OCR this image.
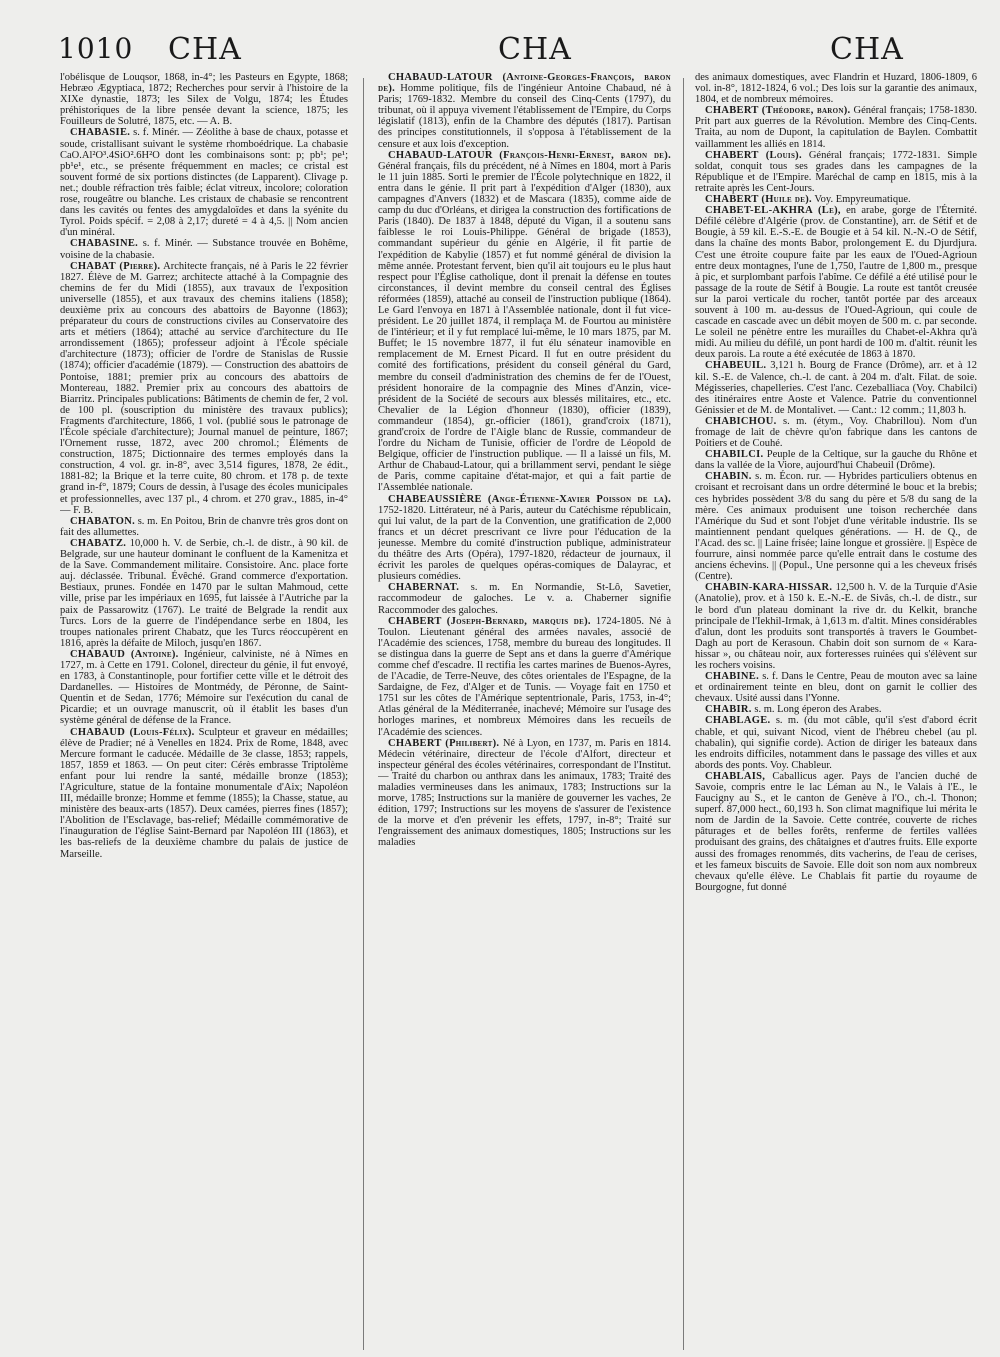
1010 CHA	CHA	CHA

l'obélisque de Louqsor, 1868, in-4°; les Pasteurs en Égypte, 1868; Hebræo Ægyptiaca, 1872; Recherches pour servir à l'histoire de la XIXe dynastie, 1873; les Silex de Volgu, 1874; les Études préhistoriques de la libre pensée devant la science, 1875; les Fouilleurs de Solutré, 1875, etc. — A. B.

CHABASIE. s. f. Minér. — Zéolithe à base de chaux, potasse et soude, cristallisant suivant le système rhomboédrique. La chabasie CaO.Al²O³.4SiO².6H²O dont les combinaisons sont: p; pb¹; pe¹; pb¹e¹, etc., se présente fréquemment en macles; ce cristal est souvent formé de six portions distinctes (de Lapparent). Clivage p. net.; double réfraction très faible; éclat vitreux, incolore; coloration rose, rougeâtre ou blanche. Les cristaux de chabasie se rencontrent dans les cavités ou fentes des amygdaloïdes et dans la syénite du Tyrol. Poids spécif. = 2,08 à 2,17; dureté = 4 à 4,5. || Nom ancien d'un minéral.

CHABASINE. s. f. Minér. — Substance trouvée en Bohême, voisine de la chabasie.

CHABAT (Pierre). Architecte français, né à Paris le 22 février 1827. Élève de M. Garrez; architecte attaché à la Compagnie des chemins de fer du Midi (1855), aux travaux de l'exposition universelle (1855), et aux travaux des chemins italiens (1858); deuxième prix au concours des abattoirs de Bayonne (1863); préparateur du cours de constructions civiles au Conservatoire des arts et métiers (1864); attaché au service d'architecture du IIe arrondissement (1865); professeur adjoint à l'École spéciale d'architecture (1873); officier de l'ordre de Stanislas de Russie (1874); officier d'académie (1879). — Construction des abattoirs de Pontoise, 1881; premier prix au concours des abattoirs de Montereau, 1882. Premier prix au concours des abattoirs de Biarritz. Principales publications: Bâtiments de chemin de fer, 2 vol. de 100 pl. (souscription du ministère des travaux publics); Fragments d'architecture, 1866, 1 vol. (publié sous le patronage de l'École spéciale d'architecture); Journal manuel de peinture, 1867; l'Ornement russe, 1872, avec 200 chromol.; Éléments de construction, 1875; Dictionnaire des termes employés dans la construction, 4 vol. gr. in-8°, avec 3,514 figures, 1878, 2e édit., 1881-82; la Brique et la terre cuite, 80 chrom. et 178 p. de texte grand in-f°, 1879; Cours de dessin, à l'usage des écoles municipales et professionnelles, avec 137 pl., 4 chrom. et 270 grav., 1885, in-4° — F. B.

CHABATON. s. m. En Poitou, Brin de chanvre très gros dont on fait des allumettes.

CHABATZ. 10,000 h. V. de Serbie, ch.-l. de distr., à 90 kil. de Belgrade, sur une hauteur dominant le confluent de la Kamenitza et de la Save. Commandement militaire. Consistoire. Anc. place forte auj. déclassée. Tribunal. Évêché. Grand commerce d'exportation. Bestiaux, prunes. Fondée en 1470 par le sultan Mahmoud, cette ville, prise par les impériaux en 1695, fut laissée à l'Autriche par la paix de Passarowitz (1767). Le traité de Belgrade la rendit aux Turcs. Lors de la guerre de l'indépendance serbe en 1804, les troupes nationales prirent Chabatz, que les Turcs réoccupèrent en 1816, après la défaite de Miloch, jusqu'en 1867.

CHABAUD (Antoine). Ingénieur, calviniste, né à Nîmes en 1727, m. à Cette en 1791. Colonel, directeur du génie, il fut envoyé, en 1783, à Constantinople, pour fortifier cette ville et le détroit des Dardanelles. — Histoires de Montmédy, de Péronne, de Saint-Quentin et de Sedan, 1776; Mémoire sur l'exécution du canal de Picardie; et un ouvrage manuscrit, où il établit les bases d'un système général de défense de la France.

CHABAUD (Louis-Félix). Sculpteur et graveur en médailles; élève de Pradier; né à Venelles en 1824. Prix de Rome, 1848, avec Mercure formant le caducée. Médaille de 3e classe, 1853; rappels, 1857, 1859 et 1863. — On peut citer: Cérès embrasse Triptolème enfant pour lui rendre la santé, médaille bronze (1853); l'Agriculture, statue de la fontaine monumentale d'Aix; Napoléon III, médaille bronze; Homme et femme (1855); la Chasse, statue, au ministère des beaux-arts (1857). Deux camées, pierres fines (1857); l'Abolition de l'Esclavage, bas-relief; Médaille commémorative de l'inauguration de l'église Saint-Bernard par Napoléon III (1863), et les bas-reliefs de la deuxième chambre du palais de justice de Marseille.

CHABAUD-LATOUR (Antoine-Georges-François, baron de). Homme politique, fils de l'ingénieur Antoine Chabaud, né à Paris; 1769-1832. Membre du conseil des Cinq-Cents (1797), du tribunat, où il appuya vivement l'établissement de l'Empire, du Corps législatif (1813), enfin de la Chambre des députés (1817). Partisan des principes constitutionnels, il s'opposa à l'établissement de la censure et aux lois d'exception.

CHABAUD-LATOUR (François-Henri-Ernest, baron de). Général français, fils du précédent, né à Nîmes en 1804, mort à Paris le 11 juin 1885. Sorti le premier de l'École polytechnique en 1822, il entra dans le génie. Il prit part à l'expédition d'Alger (1830), aux campagnes d'Anvers (1832) et de Mascara (1835), comme aide de camp du duc d'Orléans, et dirigea la construction des fortifications de Paris (1840). De 1837 à 1848, député du Vigan, il a soutenu sans faiblesse le roi Louis-Philippe. Général de brigade (1853), commandant supérieur du génie en Algérie, il fit partie de l'expédition de Kabylie (1857) et fut nommé général de division la même année. Protestant fervent, bien qu'il ait toujours eu le plus haut respect pour l'Église catholique, dont il prenait la défense en toutes circonstances, il devint membre du conseil central des Églises réformées (1859), attaché au conseil de l'instruction publique (1864). Le Gard l'envoya en 1871 à l'Assemblée nationale, dont il fut vice-président. Le 20 juillet 1874, il remplaça M. de Fourtou au ministère de l'intérieur; et il y fut remplacé lui-même, le 10 mars 1875, par M. Buffet; le 15 novembre 1877, il fut élu sénateur inamovible en remplacement de M. Ernest Picard. Il fut en outre président du comité des fortifications, président du conseil général du Gard, membre du conseil d'administration des chemins de fer de l'Ouest, président honoraire de la compagnie des Mines d'Anzin, vice-président de la Société de secours aux blessés militaires, etc., etc. Chevalier de la Légion d'honneur (1830), officier (1839), commandeur (1854), gr.-officier (1861), grand'croix (1871), grand'croix de l'ordre de l'Aigle blanc de Russie, commandeur de l'ordre du Nicham de Tunisie, officier de l'ordre de Léopold de Belgique, officier de l'instruction publique. — Il a laissé un fils, M. Arthur de Chabaud-Latour, qui a brillamment servi, pendant le siège de Paris, comme capitaine d'état-major, et qui a fait partie de l'Assemblée nationale.

CHABEAUSSIÈRE (Ange-Étienne-Xavier Poisson de la). 1752-1820. Littérateur, né à Paris, auteur du Catéchisme républicain, qui lui valut, de la part de la Convention, une gratification de 2,000 francs et un décret prescrivant ce livre pour l'éducation de la jeunesse. Membre du comité d'instruction publique, administrateur du théâtre des Arts (Opéra), 1797-1820, rédacteur de journaux, il écrivit les paroles de quelques opéras-comiques de Dalayrac, et plusieurs comédies.

CHABERNAT. s. m. En Normandie, St-Lô, Savetier, raccommodeur de galoches. Le v. a. Chaberner signifie Raccommoder des galoches.

CHABERT (Joseph-Bernard, marquis de). 1724-1805. Né à Toulon. Lieutenant général des armées navales, associé de l'Académie des sciences, 1758, membre du bureau des longitudes. Il se distingua dans la guerre de Sept ans et dans la guerre d'Amérique comme chef d'escadre. Il rectifia les cartes marines de Buenos-Ayres, de l'Acadie, de Terre-Neuve, des côtes orientales de l'Espagne, de la Sardaigne, de Fez, d'Alger et de Tunis. — Voyage fait en 1750 et 1751 sur les côtes de l'Amérique septentrionale, Paris, 1753, in-4°; Atlas général de la Méditerranée, inachevé; Mémoire sur l'usage des horloges marines, et nombreux Mémoires dans les recueils de l'Académie des sciences.

CHABERT (Philibert). Né à Lyon, en 1737, m. Paris en 1814. Médecin vétérinaire, directeur de l'école d'Alfort, directeur et inspecteur général des écoles vétérinaires, correspondant de l'Institut. — Traité du charbon ou anthrax dans les animaux, 1783; Traité des maladies vermineuses dans les animaux, 1783; Instructions sur la morve, 1785; Instructions sur la manière de gouverner les vaches, 2e édition, 1797; Instructions sur les moyens de s'assurer de l'existence de la morve et d'en prévenir les effets, 1797, in-8°; Traité sur l'engraissement des animaux domestiques, 1805; Instructions sur les maladies

des animaux domestiques, avec Flandrin et Huzard, 1806-1809, 6 vol. in-8°, 1812-1824, 6 vol.; Des lois sur la garantie des animaux, 1804, et de nombreux mémoires.

CHABERT (Théodore, baron). Général français; 1758-1830. Prit part aux guerres de la Révolution. Membre des Cinq-Cents. Traita, au nom de Dupont, la capitulation de Baylen. Combattit vaillamment les alliés en 1814.

CHABERT (Louis). Général français; 1772-1831. Simple soldat, conquit tous ses grades dans les campagnes de la République et de l'Empire. Maréchal de camp en 1815, mis à la retraite après les Cent-Jours.

CHABERT (Huile de). Voy. Empyreumatique.

CHABET-EL-AKHRA (Le), en arabe, gorge de l'Éternité. Défilé célèbre d'Algérie (prov. de Constantine), arr. de Sétif et de Bougie, à 59 kil. E.-S.-E. de Bougie et à 54 kil. N.-N.-O de Sétif, dans la chaîne des monts Babor, prolongement E. du Djurdjura. C'est une étroite coupure faite par les eaux de l'Oued-Agrioun entre deux montagnes, l'une de 1,750, l'autre de 1,800 m., presque à pic, et surplombant parfois l'abîme. Ce défilé a été utilisé pour le passage de la route de Sétif à Bougie. La route est tantôt creusée sur la paroi verticale du rocher, tantôt portée par des arceaux souvent à 100 m. au-dessus de l'Oued-Agrioun, qui coule de cascade en cascade avec un débit moyen de 500 m. c. par seconde. Le soleil ne pénètre entre les murailles du Chabet-el-Akhra qu'à midi. Au milieu du défilé, un pont hardi de 100 m. d'altit. réunit les deux parois. La route a été exécutée de 1863 à 1870.

CHABEUIL. 3,121 h. Bourg de France (Drôme), arr. et à 12 kil. S.-E. de Valence, ch.-l. de cant. à 204 m. d'alt. Filat. de soie. Mégisseries, chapelleries. C'est l'anc. Cezeballiaca (Voy. Chabilci) des itinéraires entre Aoste et Valence. Patrie du conventionnel Génissier et de M. de Montalivet. — Cant.: 12 comm.; 11,803 h.

CHABICHOU. s. m. (étym., Voy. Chabrillou). Nom d'un fromage de lait de chèvre qu'on fabrique dans les cantons de Poitiers et de Couhé.

CHABILCI. Peuple de la Celtique, sur la gauche du Rhône et dans la vallée de la Viore, aujourd'hui Chabeuil (Drôme).

CHABIN. s. m. Écon. rur. — Hybrides particuliers obtenus en croisant et recroisant dans un ordre déterminé le bouc et la brebis; ces hybrides possèdent 3/8 du sang du père et 5/8 du sang de la mère. Ces animaux produisent une toison recherchée dans l'Amérique du Sud et sont l'objet d'une véritable industrie. Ils se maintiennent pendant quelques générations. — H. de Q., de l'Acad. des sc. || Laine frisée; laine longue et grossière. || Espèce de fourrure, ainsi nommée parce qu'elle entrait dans le costume des anciens échevins. || (Popul., Une personne qui a les cheveux frisés (Centre).

CHABIN-KARA-HISSAR. 12,500 h. V. de la Turquie d'Asie (Anatolie), prov. et à 150 k. E.-N.-E. de Sivâs, ch.-l. de distr., sur le bord d'un plateau dominant la rive dr. du Kelkit, branche principale de l'Iekhil-Irmak, à 1,613 m. d'altit. Mines considérables d'alun, dont les produits sont transportés à travers le Goumbet-Dagh au port de Kerasoun. Chabin doit son surnom de « Kara-hissar », ou château noir, aux forteresses ruinées qui s'élèvent sur les rochers voisins.

CHABINE. s. f. Dans le Centre, Peau de mouton avec sa laine et ordinairement teinte en bleu, dont on garnit le collier des chevaux. Usité aussi dans l'Yonne.

CHABIR. s. m. Long éperon des Arabes.

CHABLAGE. s. m. (du mot câble, qu'il s'est d'abord écrit chable, et qui, suivant Nicod, vient de l'hébreu chebel (au pl. chabalin), qui signifie corde). Action de diriger les bateaux dans les endroits difficiles, notamment dans le passage des villes et aux abords des ponts. Voy. Chableur.

CHABLAIS, Caballicus ager. Pays de l'ancien duché de Savoie, compris entre le lac Léman au N., le Valais à l'E., le Faucigny au S., et le canton de Genève à l'O., ch.-l. Thonon; superf. 87,000 hect., 60,193 h. Son climat magnifique lui mérita le nom de Jardin de la Savoie. Cette contrée, couverte de riches pâturages et de belles forêts, renferme de fertiles vallées produisant des grains, des châtaignes et d'autres fruits. Elle exporte aussi des fromages renommés, dits vacherins, de l'eau de cerises, et les fameux biscuits de Savoie. Elle doit son nom aux nombreux chevaux qu'elle élève. Le Chablais fit partie du royaume de Bourgogne, fut donné
